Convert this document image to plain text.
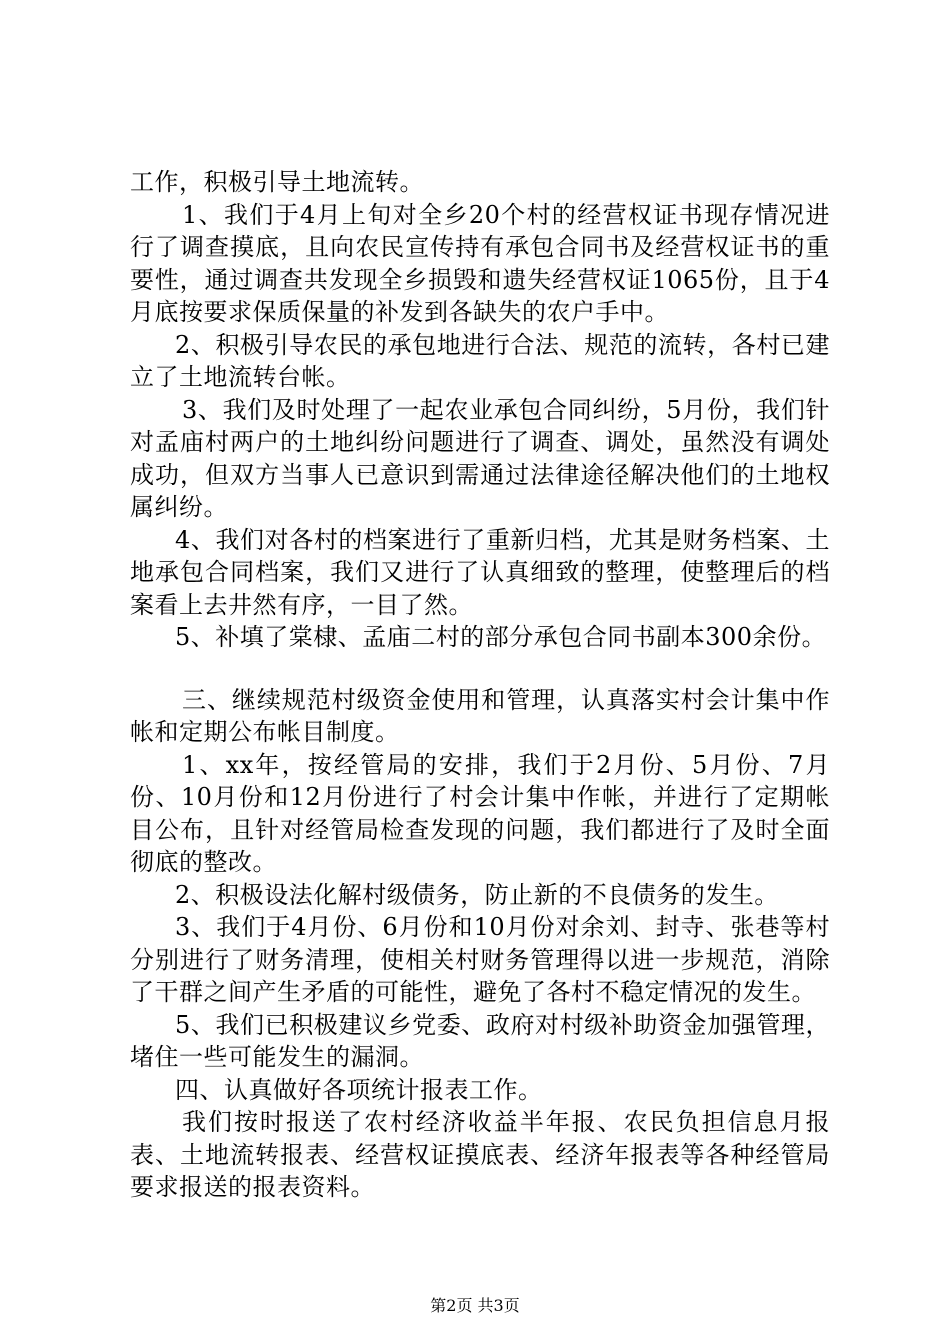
工作，积极引导土地流转。

1、我们于4月上旬对全乡20个村的经营权证书现存情况进行了调查摸底，且向农民宣传持有承包合同书及经营权证书的重要性，通过调查共发现全乡损毁和遗失经营权证1065份，且于4月底按要求保质保量的补发到各缺失的农户手中。

2、积极引导农民的承包地进行合法、规范的流转，各村已建立了土地流转台帐。

3、我们及时处理了一起农业承包合同纠纷，5月份，我们针对孟庙村两户的土地纠纷问题进行了调查、调处，虽然没有调处成功，但双方当事人已意识到需通过法律途径解决他们的土地权属纠纷。

4、我们对各村的档案进行了重新归档，尤其是财务档案、土地承包合同档案，我们又进行了认真细致的整理，使整理后的档案看上去井然有序，一目了然。

5、补填了棠棣、孟庙二村的部分承包合同书副本300余份。

三、继续规范村级资金使用和管理，认真落实村会计集中作帐和定期公布帐目制度。

1、xx年，按经管局的安排，我们于2月份、5月份、7月份、10月份和12月份进行了村会计集中作帐，并进行了定期帐目公布，且针对经管局检查发现的问题，我们都进行了及时全面彻底的整改。

2、积极设法化解村级债务，防止新的不良债务的发生。

3、我们于4月份、6月份和10月份对余刘、封寺、张巷等村分别进行了财务清理，使相关村财务管理得以进一步规范，消除了干群之间产生矛盾的可能性，避免了各村不稳定情况的发生。

5、我们已积极建议乡党委、政府对村级补助资金加强管理，堵住一些可能发生的漏洞。

四、认真做好各项统计报表工作。

我们按时报送了农村经济收益半年报、农民负担信息月报表、土地流转报表、经营权证摸底表、经济年报表等各种经管局要求报送的报表资料。

第2页 共3页
